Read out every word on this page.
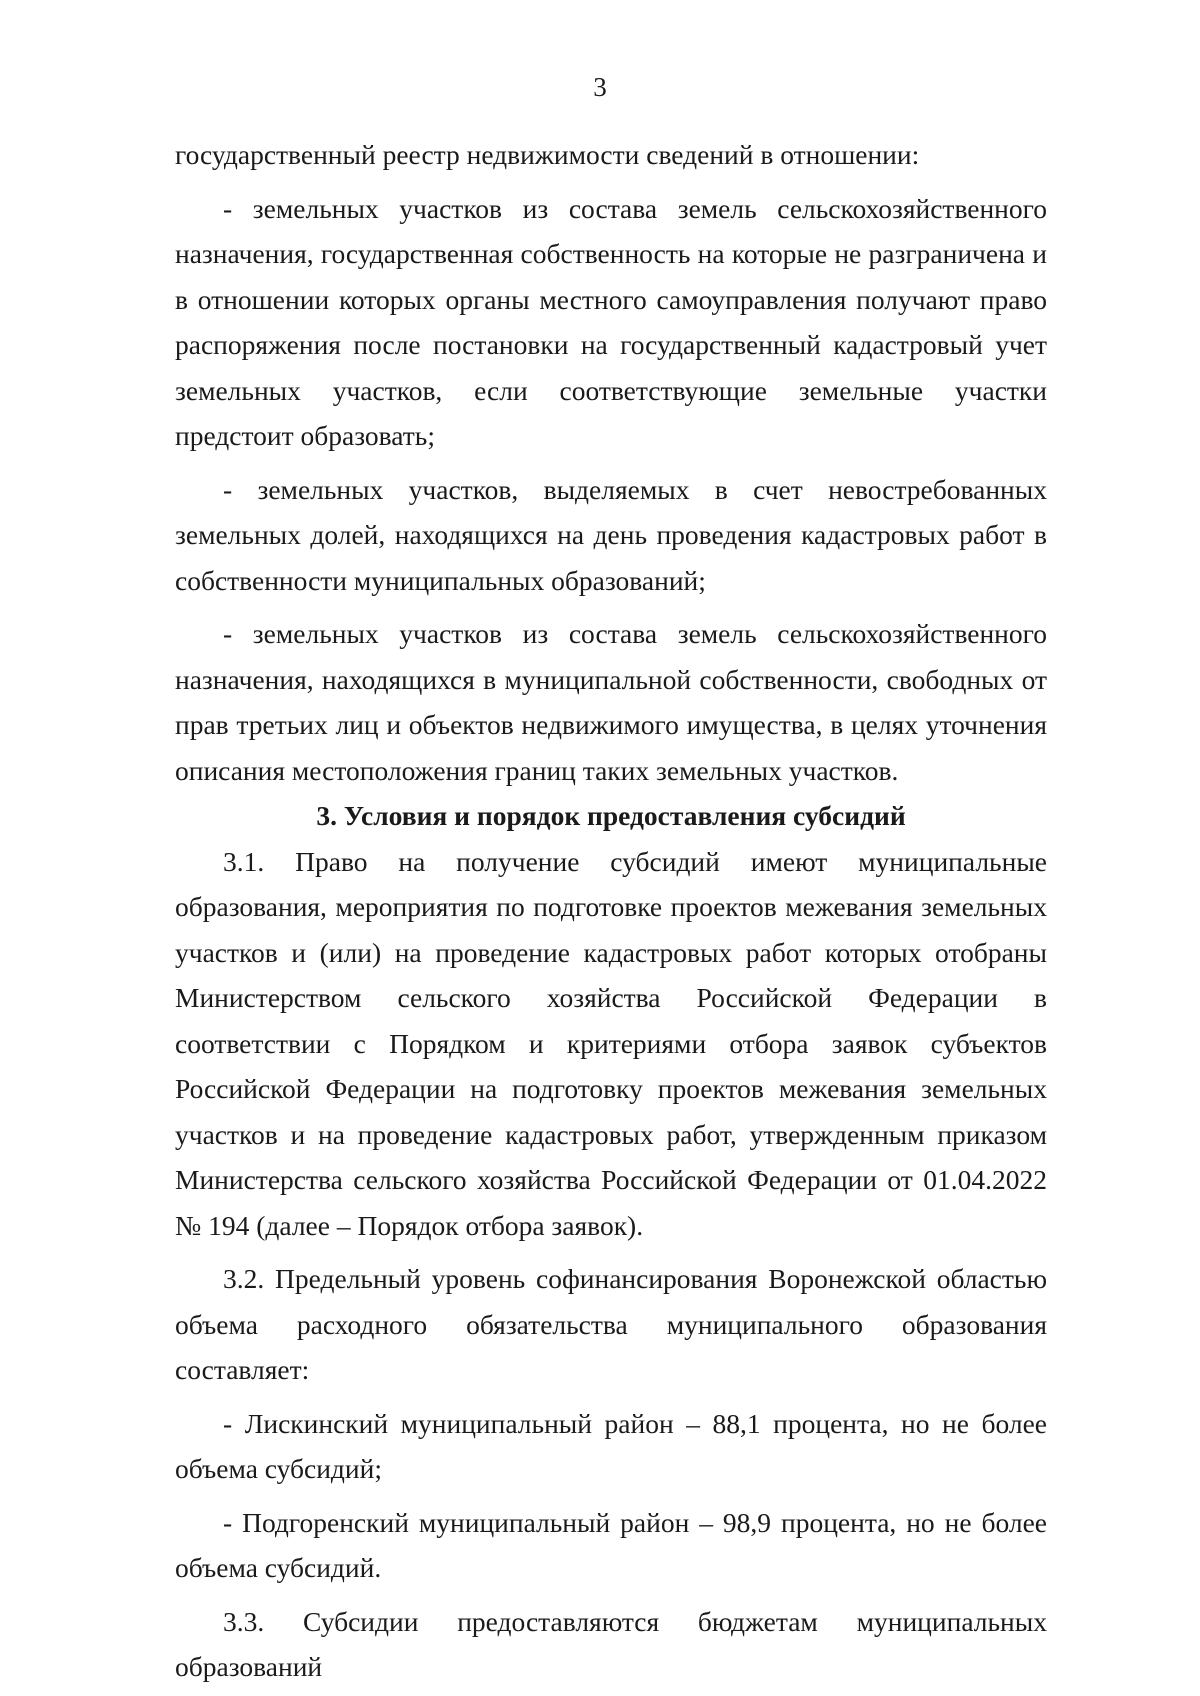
3

государственный реестр недвижимости сведений в отношении:

- земельных участков из состава земель сельскохозяйственного назначения, государственная собственность на которые не разграничена и в отношении которых органы местного самоуправления получают право распоряжения после постановки на государственный кадастровый учет земельных участков, если соответствующие земельные участки предстоит образовать;

- земельных участков, выделяемых в счет невостребованных земельных долей, находящихся на день проведения кадастровых работ в собственности муниципальных образований;

- земельных участков из состава земель сельскохозяйственного назначения, находящихся в муниципальной собственности, свободных от прав третьих лиц и объектов недвижимого имущества, в целях уточнения описания местоположения границ таких земельных участков.

3. Условия и порядок предоставления субсидий

3.1. Право на получение субсидий имеют муниципальные образования, мероприятия по подготовке проектов межевания земельных участков и (или) на проведение кадастровых работ которых отобраны Министерством сельского хозяйства Российской Федерации в соответствии с Порядком и критериями отбора заявок субъектов Российской Федерации на подготовку проектов межевания земельных участков и на проведение кадастровых работ, утвержденным приказом Министерства сельского хозяйства Российской Федерации от 01.04.2022 № 194 (далее – Порядок отбора заявок).

3.2. Предельный уровень софинансирования Воронежской областью объема расходного обязательства муниципального образования составляет:

- Лискинский муниципальный район – 88,1 процента, но не более объема субсидий;

- Подгоренский муниципальный район – 98,9 процента, но не более объема субсидий.

3.3. Субсидии предоставляются бюджетам муниципальных образований
